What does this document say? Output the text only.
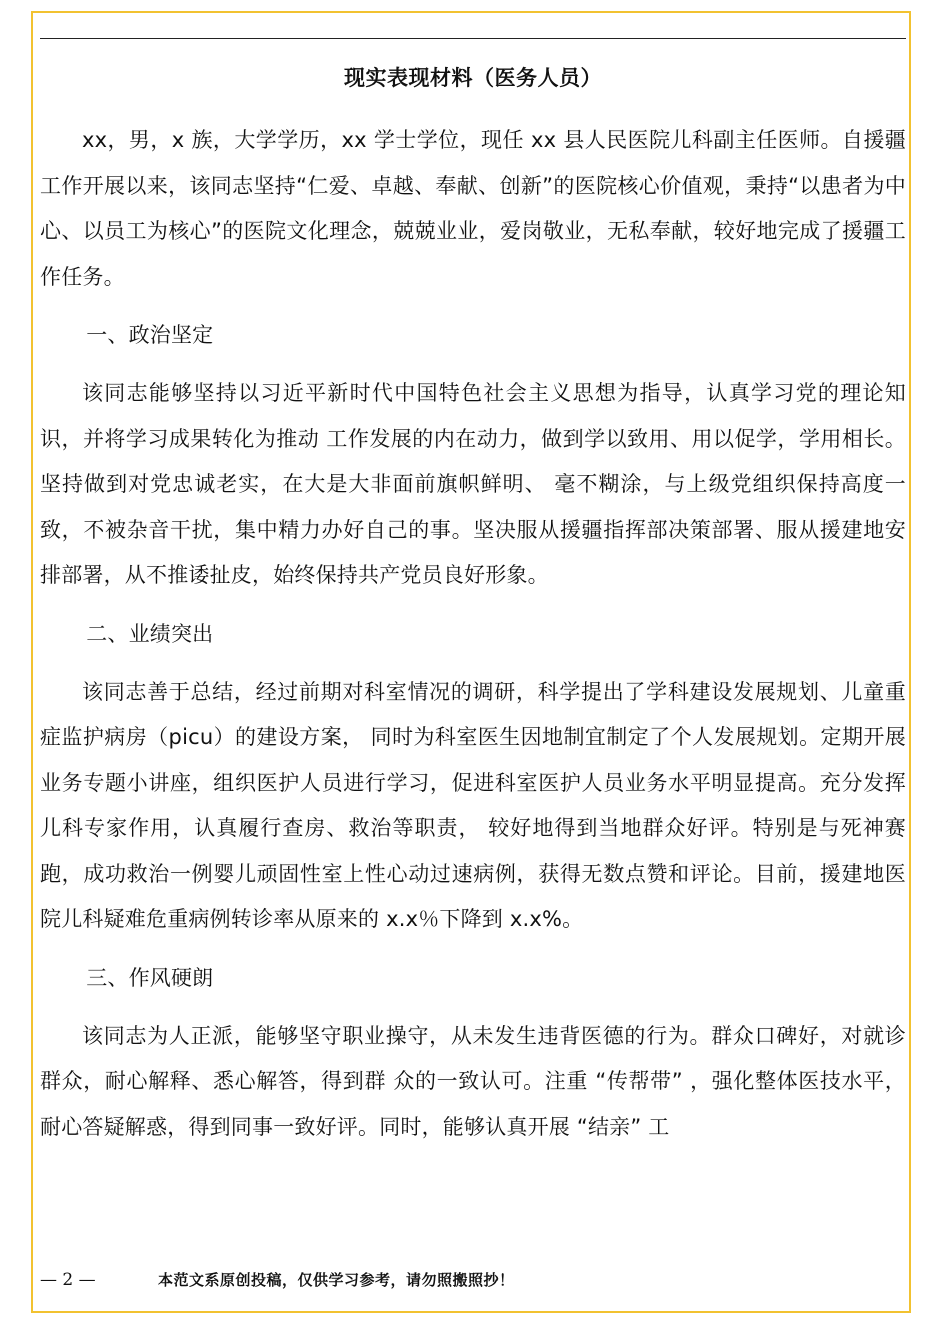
现实表现材料（医务人员）

xx，男，x 族，大学学历，xx 学士学位，现任 xx 县人民医院儿科副主任医师。自援疆工作开展以来，该同志坚持“仁爱、卓越、奉献、创新”的医院核心价值观，秉持“以患者为中心、以员工为核心”的医院文化理念，兢兢业业，爱岗敬业，无私奉献，较好地完成了援疆工作任务。

一、政治坚定

该同志能够坚持以习近平新时代中国特色社会主义思想为指导，认真学习党的理论知识，并将学习成果转化为推动 工作发展的内在动力，做到学以致用、用以促学，学用相长。坚持做到对党忠诚老实，在大是大非面前旗帜鲜明、 毫不糊涂，与上级党组织保持高度一致，不被杂音干扰，集中精力办好自己的事。坚决服从援疆指挥部决策部署、服从援建地安排部署，从不推诿扯皮，始终保持共产党员良好形象。

二、业绩突出

该同志善于总结，经过前期对科室情况的调研，科学提出了学科建设发展规划、儿童重症监护病房（picu）的建设方案， 同时为科室医生因地制宜制定了个人发展规划。定期开展业务专题小讲座，组织医护人员进行学习，促进科室医护人员业务水平明显提高。充分发挥儿科专家作用，认真履行查房、救治等职责， 较好地得到当地群众好评。特别是与死神赛跑，成功救治一例婴儿顽固性室上性心动过速病例，获得无数点赞和评论。目前，援建地医院儿科疑难危重病例转诊率从原来的 x.x％下降到 x.x%。

三、作风硬朗

该同志为人正派，能够坚守职业操守，从未发生违背医德的行为。群众口碑好，对就诊群众，耐心解释、悉心解答，得到群 众的一致认可。注重 “传帮带” ，强化整体医技水平，耐心答疑解惑，得到同事一致好评。同时，能够认真开展 “结亲” 工

— 2 —	本范文系原创投稿，仅供学习参考，请勿照搬照抄！
